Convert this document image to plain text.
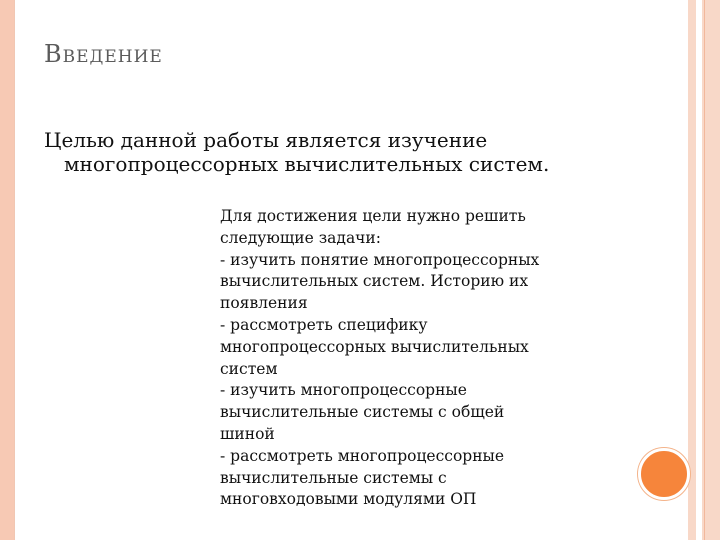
ВВЕДЕНИЕ
Целью данной работы является изучение
многопроцессорных вычислительных систем.
Для достижения цели нужно решить
следующие задачи:
- изучить понятие многопроцессорных
вычислительных систем. Историю их
появления
- рассмотреть специфику
многопроцессорных вычислительных
систем
- изучить многопроцессорные
вычислительные системы с общей
шиной
- рассмотреть многопроцессорные
вычислительные системы с
многовходовыми модулями ОП
